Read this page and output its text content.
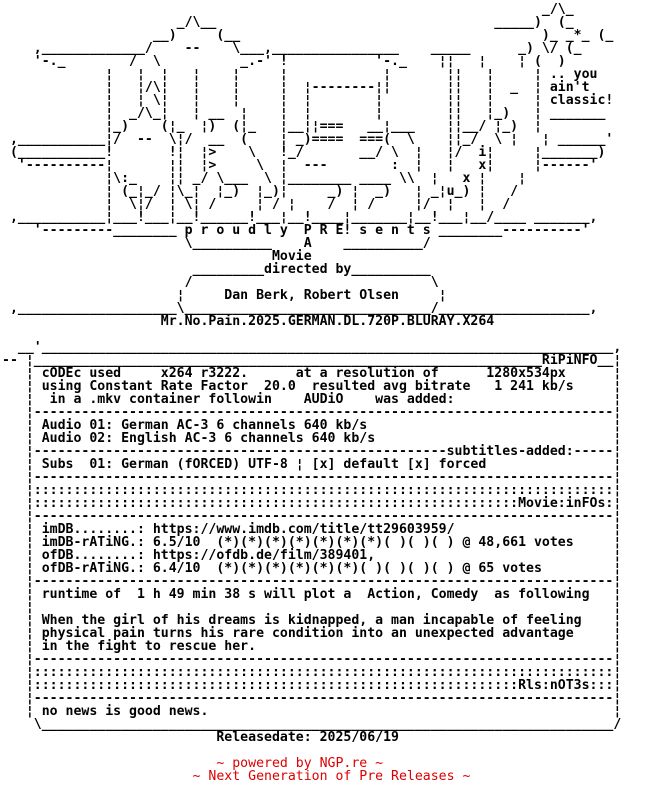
_/\_
_/\__                                   _____)  (_
__)     (__                                      )_ _*_ (_
,_____________/    --    \___,________________    _____      _) \/ (_
'-._        /  \          _.-' !           '-._    ¦¦   ¦    ¦ (  )
¦   ¦  ¦   ¦    ¦     ¦            ¦       ¦¦   ¦     ¦ .. you
¦   ¦/\¦   ¦    ¦     ¦  ¦--------¦¦       ¦¦   ¦  _  ¦ ain't
¦   ¦ \¦   ¦    ¦     ¦  ¦        ¦        ¦¦   ¦     ¦ classic!
¦  _/\_¦   ¦ __  ¦    ¦  ¦        ¦        ¦¦   ¦_)   ¦ _______
¦_)    (¦_  ¦)  (¦_   ¦__¦¦===   __¦___    ¦¦__/ ¦_)  ¦
,___________¦/  --  \¦/  __  (    ¦ _)====  ===(  \    ¦¦_/  \ ¦   ¦ ______'
(___________!       !¦  ¦>    \   !_/       __/ \  ¦   ¦/  i¦     ¦_______)
'----------¦       ¦¦  ¦>     \  ¦  ---        :  ¦   ¦   x¦     ¦------'
¦\:_    ¦¦ _/ \___  \ ¦________ ____ \\  ¦   x ¦    ¦
¦ (_¦_/ ¦\_¦  ¦_)  ¦_)¦     _) ¦  _)   ¦ _¦u_) ¦   /
¦  \¦/  ¦ \¦ /     ¦ / ¦    /  ¦ /     ¦/  ¦   ¦  /
,___________¦___!___¦__!______!___¦__!____¦_______¦__!___¦__/____ _______,
'---------________ p r o u d l y  P R E! s e n t s ________----------'
\__________    A    __________/
Movie
_________directed by__________
/                              \
¦     Dan Berk, Robert Olsen     ¦
,____________________\_______________________________/___________________,
Mr.No.Pain.2025.GERMAN.DL.720P.BLURAY.X264

__'________________________________________________________________________,
-- ¦________________________________________________________________RiPiNFO__¦
¦ cODEc used     x264 r3222.      at a resolution of      1280x534px      ¦
¦ using Constant Rate Factor  20.0  resulted avg bitrate   1 241 kb/s     ¦
¦  in a .mkv container followin    AUDiO    was added:                    ¦
¦-------------------------------------------------------------------------¦
¦ Audio 01: German AC-3 6 channels 640 kb/s                               ¦
¦ Audio 02: English AC-3 6 channels 640 kb/s                              ¦
¦----------------------------------------------------subtitles-added:-----¦
¦ Subs  01: German (fORCED) UTF-8 ¦ [x] default [x] forced                ¦
¦-------------------------------------------------------------------------¦
¦:::::::::::::::::::::::::::::::::::::::::::::::::::::::::::::::::::::::::¦
¦:::::::::::::::::::::::::::::::::::::::::::::::::::::::::::::Movie:inFOs:¦
¦-------------------------------------------------------------------------¦
¦ imDB........: https://www.imdb.com/title/tt29603959/                    ¦
¦ imDB-rATiNG.: 6.5/10  (*)(*)(*)(*)(*)(*)(*)( )( )( ) @ 48,661 votes     ¦
¦ ofDB........: https://ofdb.de/film/389401,                              ¦
¦ ofDB-rATiNG.: 6.4/10  (*)(*)(*)(*)(*)(*)( )( )( )( ) @ 65 votes         ¦
¦-------------------------------------------------------------------------¦
¦ runtime of  1 h 49 min 38 s will plot a  Action, Comedy  as following   ¦
¦                                                                         ¦
¦ When the girl of his dreams is kidnapped, a man incapable of feeling    ¦
¦ physical pain turns his rare condition into an unexpected advantage     ¦
¦ in the fight to rescue her.                                             ¦
¦-------------------------------------------------------------------------¦
¦:::::::::::::::::::::::::::::::::::::::::::::::::::::::::::::::::::::::::¦
¦:::::::::::::::::::::::::::::::::::::::::::::::::::::::::::::Rls:nOT3s:::¦
¦-------------------------------------------------------------------------¦
¦ no news is good news.                                                   ¦
\________________________________________________________________________/
Releasedate: 2025/06/19

~ powered by NGP.re ~
~ Next Generation of Pre Releases ~
